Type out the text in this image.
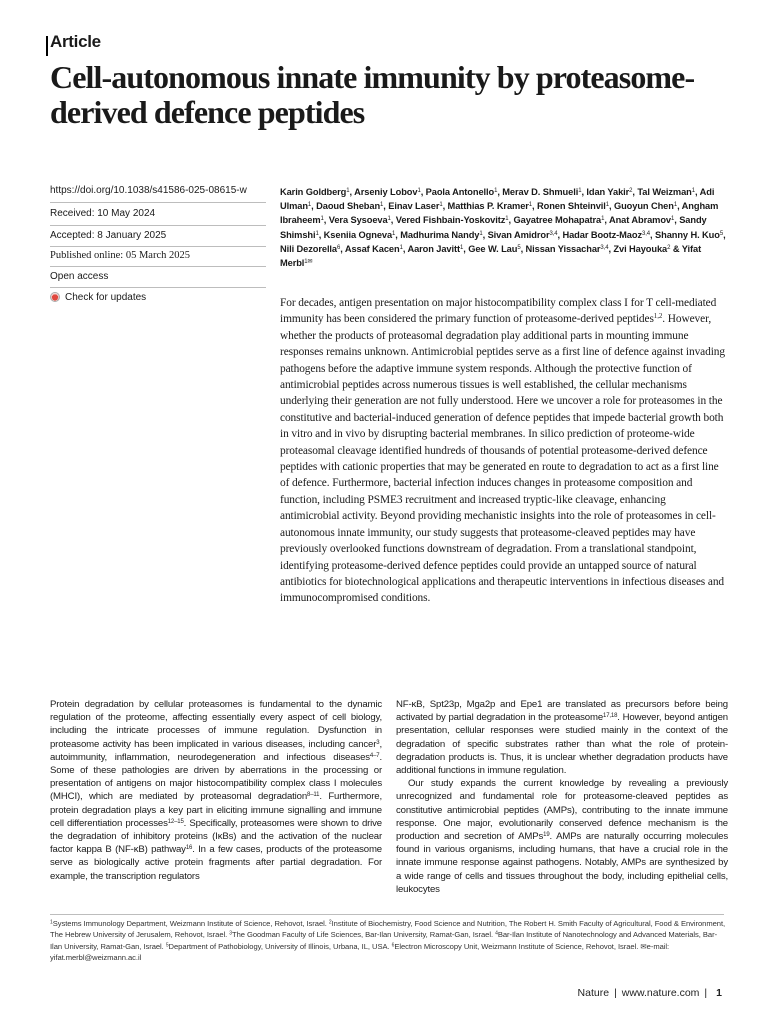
Article
Cell-autonomous innate immunity by proteasome-derived defence peptides
https://doi.org/10.1038/s41586-025-08615-w
Received: 10 May 2024
Accepted: 8 January 2025
Published online: 05 March 2025
Open access
Check for updates
Karin Goldberg$^1$, Arseniy Lobov$^1$, Paola Antonello$^1$, Merav D. Shmueli$^1$, Idan Yakir$^2$, Tal Weizman$^1$, Adi Ulman$^1$, Daoud Sheban$^1$, Einav Laser$^1$, Matthias P. Kramer$^1$, Ronen Shteinvil$^1$, Guoyun Chen$^1$, Angham Ibraheem$^1$, Vera Sysoeva$^1$, Vered Fishbain-Yoskovitz$^1$, Gayatree Mohapatra$^1$, Anat Abramov$^1$, Sandy Shimshi$^1$, Kseniia Ogneva$^1$, Madhurima Nandy$^1$, Sivan Amidror$^{3,4}$, Hadar Bootz-Maoz$^{3,4}$, Shanny H. Kuo$^5$, Nili Dezorella$^6$, Assaf Kacen$^1$, Aaron Javitt$^1$, Gee W. Lau$^5$, Nissan Yissachar$^{3,4}$, Zvi Hayouka$^2$ & Yifat Merbl$^{1✉}$
For decades, antigen presentation on major histocompatibility complex class I for T cell-mediated immunity has been considered the primary function of proteasome-derived peptides$^{1,2}$. However, whether the products of proteasomal degradation play additional parts in mounting immune responses remains unknown. Antimicrobial peptides serve as a first line of defence against invading pathogens before the adaptive immune system responds. Although the protective function of antimicrobial peptides across numerous tissues is well established, the cellular mechanisms underlying their generation are not fully understood. Here we uncover a role for proteasomes in the constitutive and bacterial-induced generation of defence peptides that impede bacterial growth both in vitro and in vivo by disrupting bacterial membranes. In silico prediction of proteome-wide proteasomal cleavage identified hundreds of thousands of potential proteasome-derived defence peptides with cationic properties that may be generated en route to degradation to act as a first line of defence. Furthermore, bacterial infection induces changes in proteasome composition and function, including PSME3 recruitment and increased tryptic-like cleavage, enhancing antimicrobial activity. Beyond providing mechanistic insights into the role of proteasomes in cell-autonomous innate immunity, our study suggests that proteasome-cleaved peptides may have previously overlooked functions downstream of degradation. From a translational standpoint, identifying proteasome-derived defence peptides could provide an untapped source of natural antibiotics for biotechnological applications and therapeutic interventions in infectious diseases and immunocompromised conditions.

Protein degradation by cellular proteasomes is fundamental to the dynamic regulation of the proteome, affecting essentially every aspect of cell biology, including the intricate processes of immune regulation. Dysfunction in proteasome activity has been implicated in various diseases, including cancer$^3$, autoimmunity, inflammation, neurodegeneration and infectious diseases$^{4-7}$. Some of these pathologies are driven by aberrations in the processing or presentation of antigens on major histocompatibility complex class I molecules (MHCI), which are mediated by proteasomal degradation$^{8-11}$. Furthermore, protein degradation plays a key part in eliciting immune signalling and immune cell differentiation processes$^{12-15}$. Specifically, proteasomes were shown to drive the degradation of inhibitory proteins (IκBs) and the activation of the nuclear factor kappa B (NF-κB) pathway$^{16}$. In a few cases, products of the proteasome serve as biologically active protein fragments after partial degradation. For example, the transcription regulators

NF-κB, Spt23p, Mga2p and Epe1 are translated as precursors before being activated by partial degradation in the proteasome$^{17,18}$. However, beyond antigen presentation, cellular responses were studied mainly in the context of the degradation of specific substrates rather than what the role of protein-degradation products is. Thus, it is unclear whether degradation products have additional functions in immune regulation.

Our study expands the current knowledge by revealing a previously unrecognized and fundamental role for proteasome-cleaved peptides as constitutive antimicrobial peptides (AMPs), contributing to the innate immune response. One major, evolutionarily conserved defence mechanism is the production and secretion of AMPs$^{19}$. AMPs are naturally occurring molecules found in various organisms, including humans, that have a crucial role in the innate immune response against pathogens. Notably, AMPs are synthesized by a wide range of cells and tissues throughout the body, including epithelial cells, leukocytes

$^1$Systems Immunology Department, Weizmann Institute of Science, Rehovot, Israel. $^2$Institute of Biochemistry, Food Science and Nutrition, The Robert H. Smith Faculty of Agricultural, Food & Environment, The Hebrew University of Jerusalem, Rehovot, Israel. $^3$The Goodman Faculty of Life Sciences, Bar-Ilan University, Ramat-Gan, Israel. $^4$Bar-Ilan Institute of Nanotechnology and Advanced Materials, Bar-Ilan University, Ramat-Gan, Israel. $^5$Department of Pathobiology, University of Illinois, Urbana, IL, USA. $^6$Electron Microscopy Unit, Weizmann Institute of Science, Rehovot, Israel. ✉e-mail: yifat.merbl@weizmann.ac.il
Nature | www.nature.com | 1
